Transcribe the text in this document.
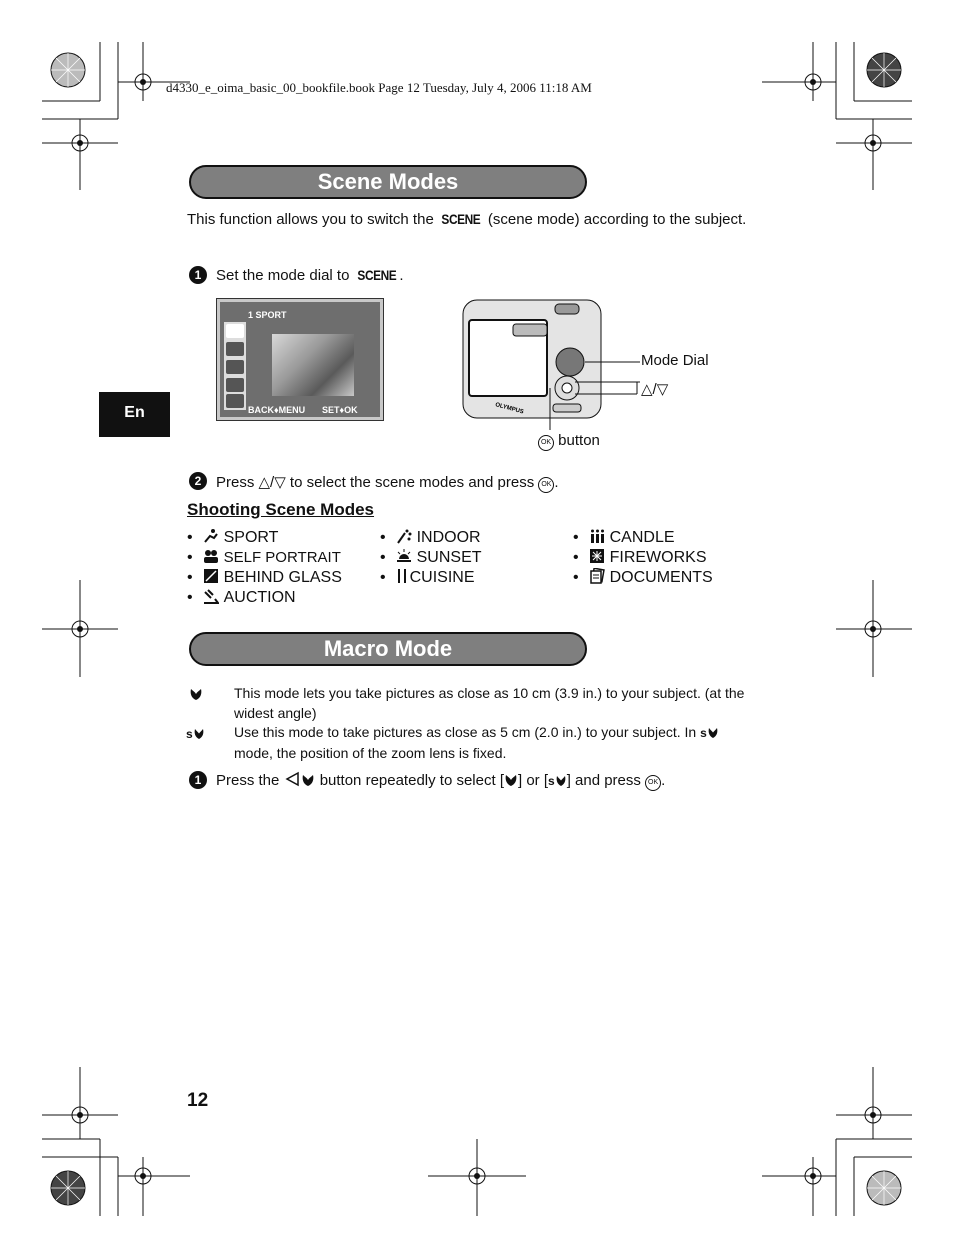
d4330_e_oima_basic_00_bookfile.book Page 12 Tuesday, July 4, 2006 11:18 AM
En
Scene Modes
This function allows you to switch the SCENE (scene mode) according to the subject.
1 Set the mode dial to SCENE .
1 SPORT
BACK♦MENU SET♦OK	OLYMPUS
Mode Dial
△/▽
OK button
2 Press △/▽ to select the scene modes and press OK .
Shooting Scene Modes
• SPORT
• SELF PORTRAIT
• BEHIND GLASS
• AUCTION
• INDOOR
• SUNSET
• CUISINE
• CANDLE
• FIREWORKS
• DOCUMENTS
Macro Mode
This mode lets you take pictures as close as 10 cm (3.9 in.) to your subject. (at the widest angle)
s	Use this mode to take pictures as close as 5 cm (2.0 in.) to your subject. In s
mode, the position of the zoom lens is fixed.
1 Press the  button repeatedly to select [ ] or [s ] and press OK .
12
